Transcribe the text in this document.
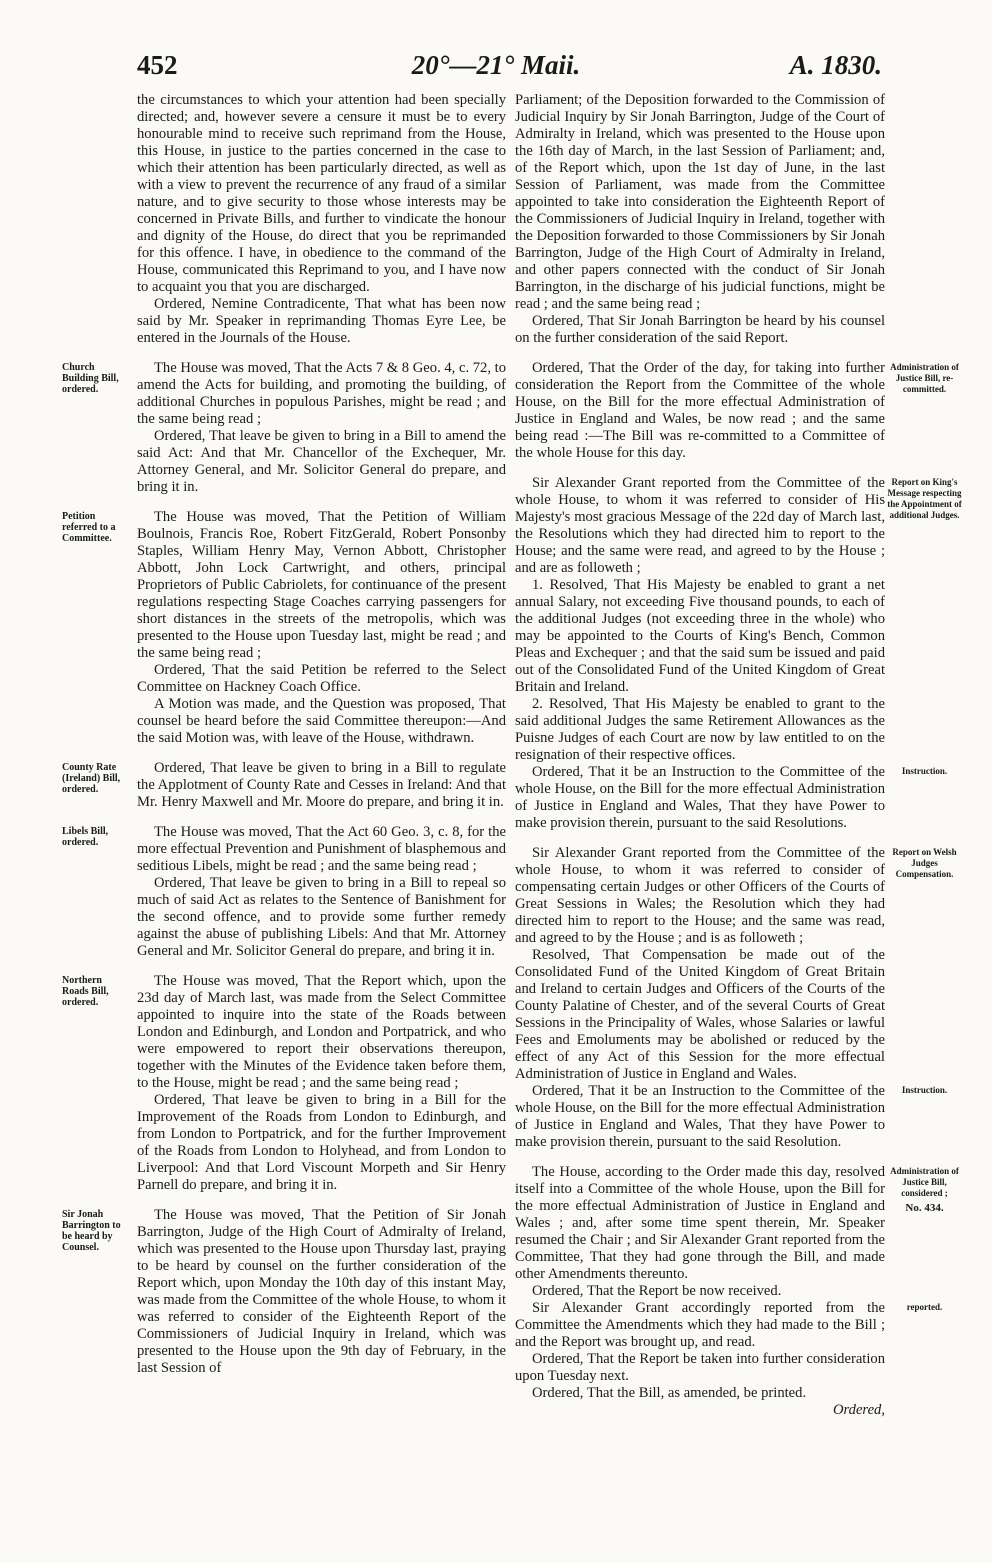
452	20°—21° Maii.	A. 1830.

the circumstances to which your attention had been specially directed; and, however severe a censure it must be to every honourable mind to receive such reprimand from the House, this House, in justice to the parties concerned in the case to which their attention has been particularly directed, as well as with a view to prevent the recurrence of any fraud of a similar nature, and to give security to those whose interests may be concerned in Private Bills, and further to vindicate the honour and dignity of the House, do direct that you be reprimanded for this offence. I have, in obedience to the command of the House, communicated this Reprimand to you, and I have now to acquaint you that you are discharged.

Ordered, Nemine Contradicente, That what has been now said by Mr. Speaker in reprimanding Thomas Eyre Lee, be entered in the Journals of the House.

Church Building Bill, ordered.

The House was moved, That the Acts 7 & 8 Geo. 4, c. 72, to amend the Acts for building, and promoting the building, of additional Churches in populous Parishes, might be read ; and the same being read ;

Ordered, That leave be given to bring in a Bill to amend the said Act: And that Mr. Chancellor of the Exchequer, Mr. Attorney General, and Mr. Solicitor General do prepare, and bring it in.

Petition referred to a Committee.

The House was moved, That the Petition of William Boulnois, Francis Roe, Robert FitzGerald, Robert Ponsonby Staples, William Henry May, Vernon Abbott, Christopher Abbott, John Lock Cartwright, and others, principal Proprietors of Public Cabriolets, for continuance of the present regulations respecting Stage Coaches carrying passengers for short distances in the streets of the metropolis, which was presented to the House upon Tuesday last, might be read ; and the same being read ;

Ordered, That the said Petition be referred to the Select Committee on Hackney Coach Office.

A Motion was made, and the Question was proposed, That counsel be heard before the said Committee thereupon:—And the said Motion was, with leave of the House, withdrawn.

County Rate (Ireland) Bill, ordered.

Ordered, That leave be given to bring in a Bill to regulate the Applotment of County Rate and Cesses in Ireland: And that Mr. Henry Maxwell and Mr. Moore do prepare, and bring it in.

Libels Bill, ordered.

The House was moved, That the Act 60 Geo. 3, c. 8, for the more effectual Prevention and Punishment of blasphemous and seditious Libels, might be read ; and the same being read ;

Ordered, That leave be given to bring in a Bill to repeal so much of said Act as relates to the Sentence of Banishment for the second offence, and to provide some further remedy against the abuse of publishing Libels: And that Mr. Attorney General and Mr. Solicitor General do prepare, and bring it in.

Northern Roads Bill, ordered.

The House was moved, That the Report which, upon the 23d day of March last, was made from the Select Committee appointed to inquire into the state of the Roads between London and Edinburgh, and London and Portpatrick, and who were empowered to report their observations thereupon, together with the Minutes of the Evidence taken before them, to the House, might be read ; and the same being read ;

Ordered, That leave be given to bring in a Bill for the Improvement of the Roads from London to Edinburgh, and from London to Portpatrick, and for the further Improvement of the Roads from London to Holyhead, and from London to Liverpool: And that Lord Viscount Morpeth and Sir Henry Parnell do prepare, and bring it in.

Sir Jonah Barrington to be heard by Counsel.

The House was moved, That the Petition of Sir Jonah Barrington, Judge of the High Court of Admiralty of Ireland, which was presented to the House upon Thursday last, praying to be heard by counsel on the further consideration of the Report which, upon Monday the 10th day of this instant May, was made from the Committee of the whole House, to whom it was referred to consider of the Eighteenth Report of the Commissioners of Judicial Inquiry in Ireland, which was presented to the House upon the 9th day of February, in the last Session of

Parliament; of the Deposition forwarded to the Commission of Judicial Inquiry by Sir Jonah Barrington, Judge of the Court of Admiralty in Ireland, which was presented to the House upon the 16th day of March, in the last Session of Parliament; and, of the Report which, upon the 1st day of June, in the last Session of Parliament, was made from the Committee appointed to take into consideration the Eighteenth Report of the Commissioners of Judicial Inquiry in Ireland, together with the Deposition forwarded to those Commissioners by Sir Jonah Barrington, Judge of the High Court of Admiralty in Ireland, and other papers connected with the conduct of Sir Jonah Barrington, in the discharge of his judicial functions, might be read ; and the same being read ;

Ordered, That Sir Jonah Barrington be heard by his counsel on the further consideration of the said Report.

Administration of Justice Bill, re-committed.

Ordered, That the Order of the day, for taking into further consideration the Report from the Committee of the whole House, on the Bill for the more effectual Administration of Justice in England and Wales, be now read ; and the same being read :—The Bill was re-committed to a Committee of the whole House for this day.

Report on King's Message respecting the Appointment of additional Judges.

Sir Alexander Grant reported from the Committee of the whole House, to whom it was referred to consider of His Majesty's most gracious Message of the 22d day of March last, the Resolutions which they had directed him to report to the House; and the same were read, and agreed to by the House ; and are as followeth ;

1. Resolved, That His Majesty be enabled to grant a net annual Salary, not exceeding Five thousand pounds, to each of the additional Judges (not exceeding three in the whole) who may be appointed to the Courts of King's Bench, Common Pleas and Exchequer ; and that the said sum be issued and paid out of the Consolidated Fund of the United Kingdom of Great Britain and Ireland.

2. Resolved, That His Majesty be enabled to grant to the said additional Judges the same Retirement Allowances as the Puisne Judges of each Court are now by law entitled to on the resignation of their respective offices.

Instruction.

Ordered, That it be an Instruction to the Committee of the whole House, on the Bill for the more effectual Administration of Justice in England and Wales, That they have Power to make provision therein, pursuant to the said Resolutions.

Report on Welsh Judges Compensation.

Sir Alexander Grant reported from the Committee of the whole House, to whom it was referred to consider of compensating certain Judges or other Officers of the Courts of Great Sessions in Wales; the Resolution which they had directed him to report to the House; and the same was read, and agreed to by the House ; and is as followeth ;

Resolved, That Compensation be made out of the Consolidated Fund of the United Kingdom of Great Britain and Ireland to certain Judges and Officers of the Courts of the County Palatine of Chester, and of the several Courts of Great Sessions in the Principality of Wales, whose Salaries or lawful Fees and Emoluments may be abolished or reduced by the effect of any Act of this Session for the more effectual Administration of Justice in England and Wales.

Instruction.

Ordered, That it be an Instruction to the Committee of the whole House, on the Bill for the more effectual Administration of Justice in England and Wales, That they have Power to make provision therein, pursuant to the said Resolution.

Administration of Justice Bill, considered ;
No. 434.

The House, according to the Order made this day, resolved itself into a Committee of the whole House, upon the Bill for the more effectual Administration of Justice in England and Wales ; and, after some time spent therein, Mr. Speaker resumed the Chair ; and Sir Alexander Grant reported from the Committee, That they had gone through the Bill, and made other Amendments thereunto.

Ordered, That the Report be now received.

reported.

Sir Alexander Grant accordingly reported from the Committee the Amendments which they had made to the Bill ; and the Report was brought up, and read.

Ordered, That the Report be taken into further consideration upon Tuesday next.

Ordered, That the Bill, as amended, be printed.

Ordered,
